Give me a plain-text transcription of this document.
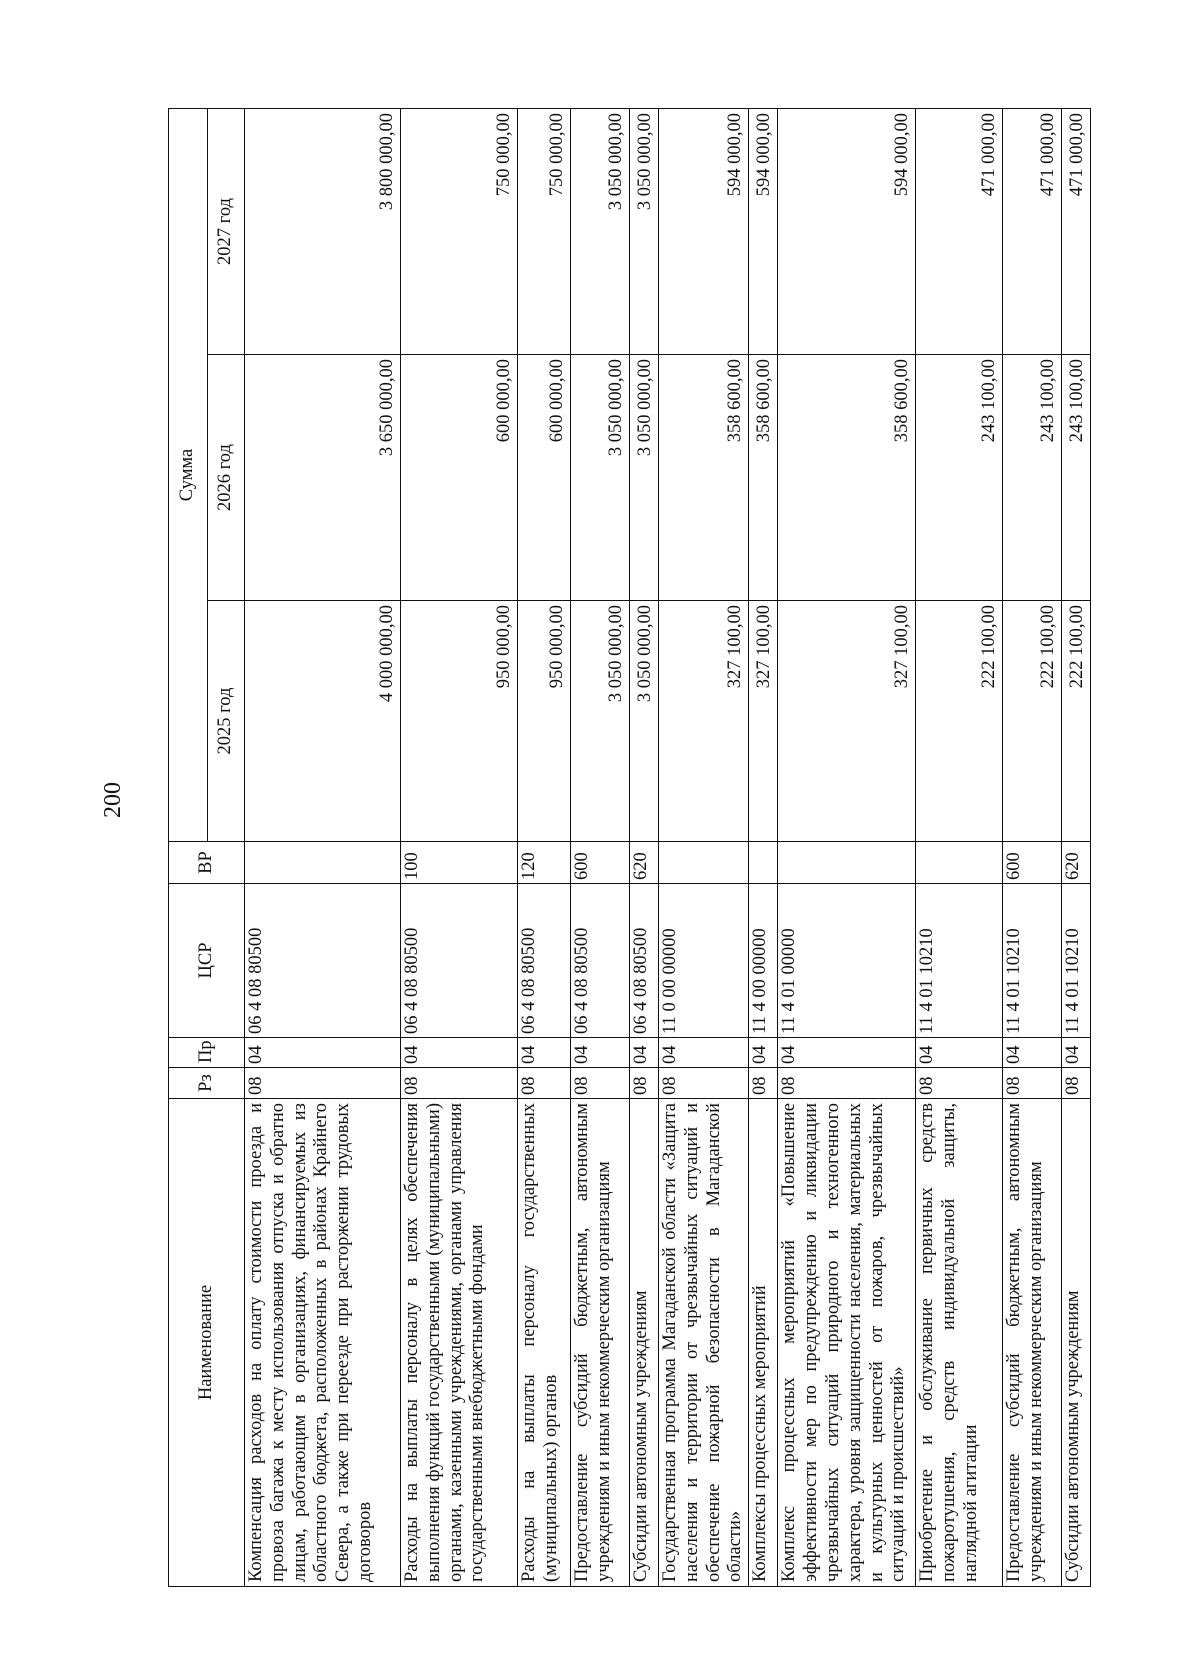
200
Наименование	Рз	Пр	ЦСР	ВР	Сумма		
					2025 год	2026 год	2027 год
Компенсация расходов на оплату стоимости проезда и провоза багажа к месту использования отпуска и обратно лицам, работающим в организациях, финансируемых из областного бюджета, расположенных в районах Крайнего Севера, а также при переезде при расторжении трудовых договоров	08	04	06 4 08 80500		4 000 000,00	3 650 000,00	3 800 000,00
Расходы на выплаты персоналу в целях обеспечения выполнения функций государственными (муниципальными) органами, казенными учреждениями, органами управления государственными внебюджетными фондами	08	04	06 4 08 80500	100	950 000,00	600 000,00	750 000,00
Расходы на выплаты персоналу государственных (муниципальных) органов	08	04	06 4 08 80500	120	950 000,00	600 000,00	750 000,00
Предоставление субсидий бюджетным, автономным учреждениям и иным некоммерческим организациям	08	04	06 4 08 80500	600	3 050 000,00	3 050 000,00	3 050 000,00
Субсидии автономным учреждениям	08	04	06 4 08 80500	620	3 050 000,00	3 050 000,00	3 050 000,00
Государственная программа Магаданской области «Защита населения и территории от чрезвычайных ситуаций и обеспечение пожарной безопасности в Магаданской области»	08	04	11 0 00 00000		327 100,00	358 600,00	594 000,00
Комплексы процессных мероприятий	08	04	11 4 00 00000		327 100,00	358 600,00	594 000,00
Комплекс процессных мероприятий «Повышение эффективности мер по предупреждению и ликвидации чрезвычайных ситуаций природного и техногенного характера, уровня защищенности населения, материальных и культурных ценностей от пожаров, чрезвычайных ситуаций и происшествий»	08	04	11 4 01 00000		327 100,00	358 600,00	594 000,00
Приобретение и обслуживание первичных средств пожаротушения, средств индивидуальной защиты, наглядной агитации	08	04	11 4 01 10210		222 100,00	243 100,00	471 000,00
Предоставление субсидий бюджетным, автономным учреждениям и иным некоммерческим организациям	08	04	11 4 01 10210	600	222 100,00	243 100,00	471 000,00
Субсидии автономным учреждениям	08	04	11 4 01 10210	620	222 100,00	243 100,00	471 000,00
